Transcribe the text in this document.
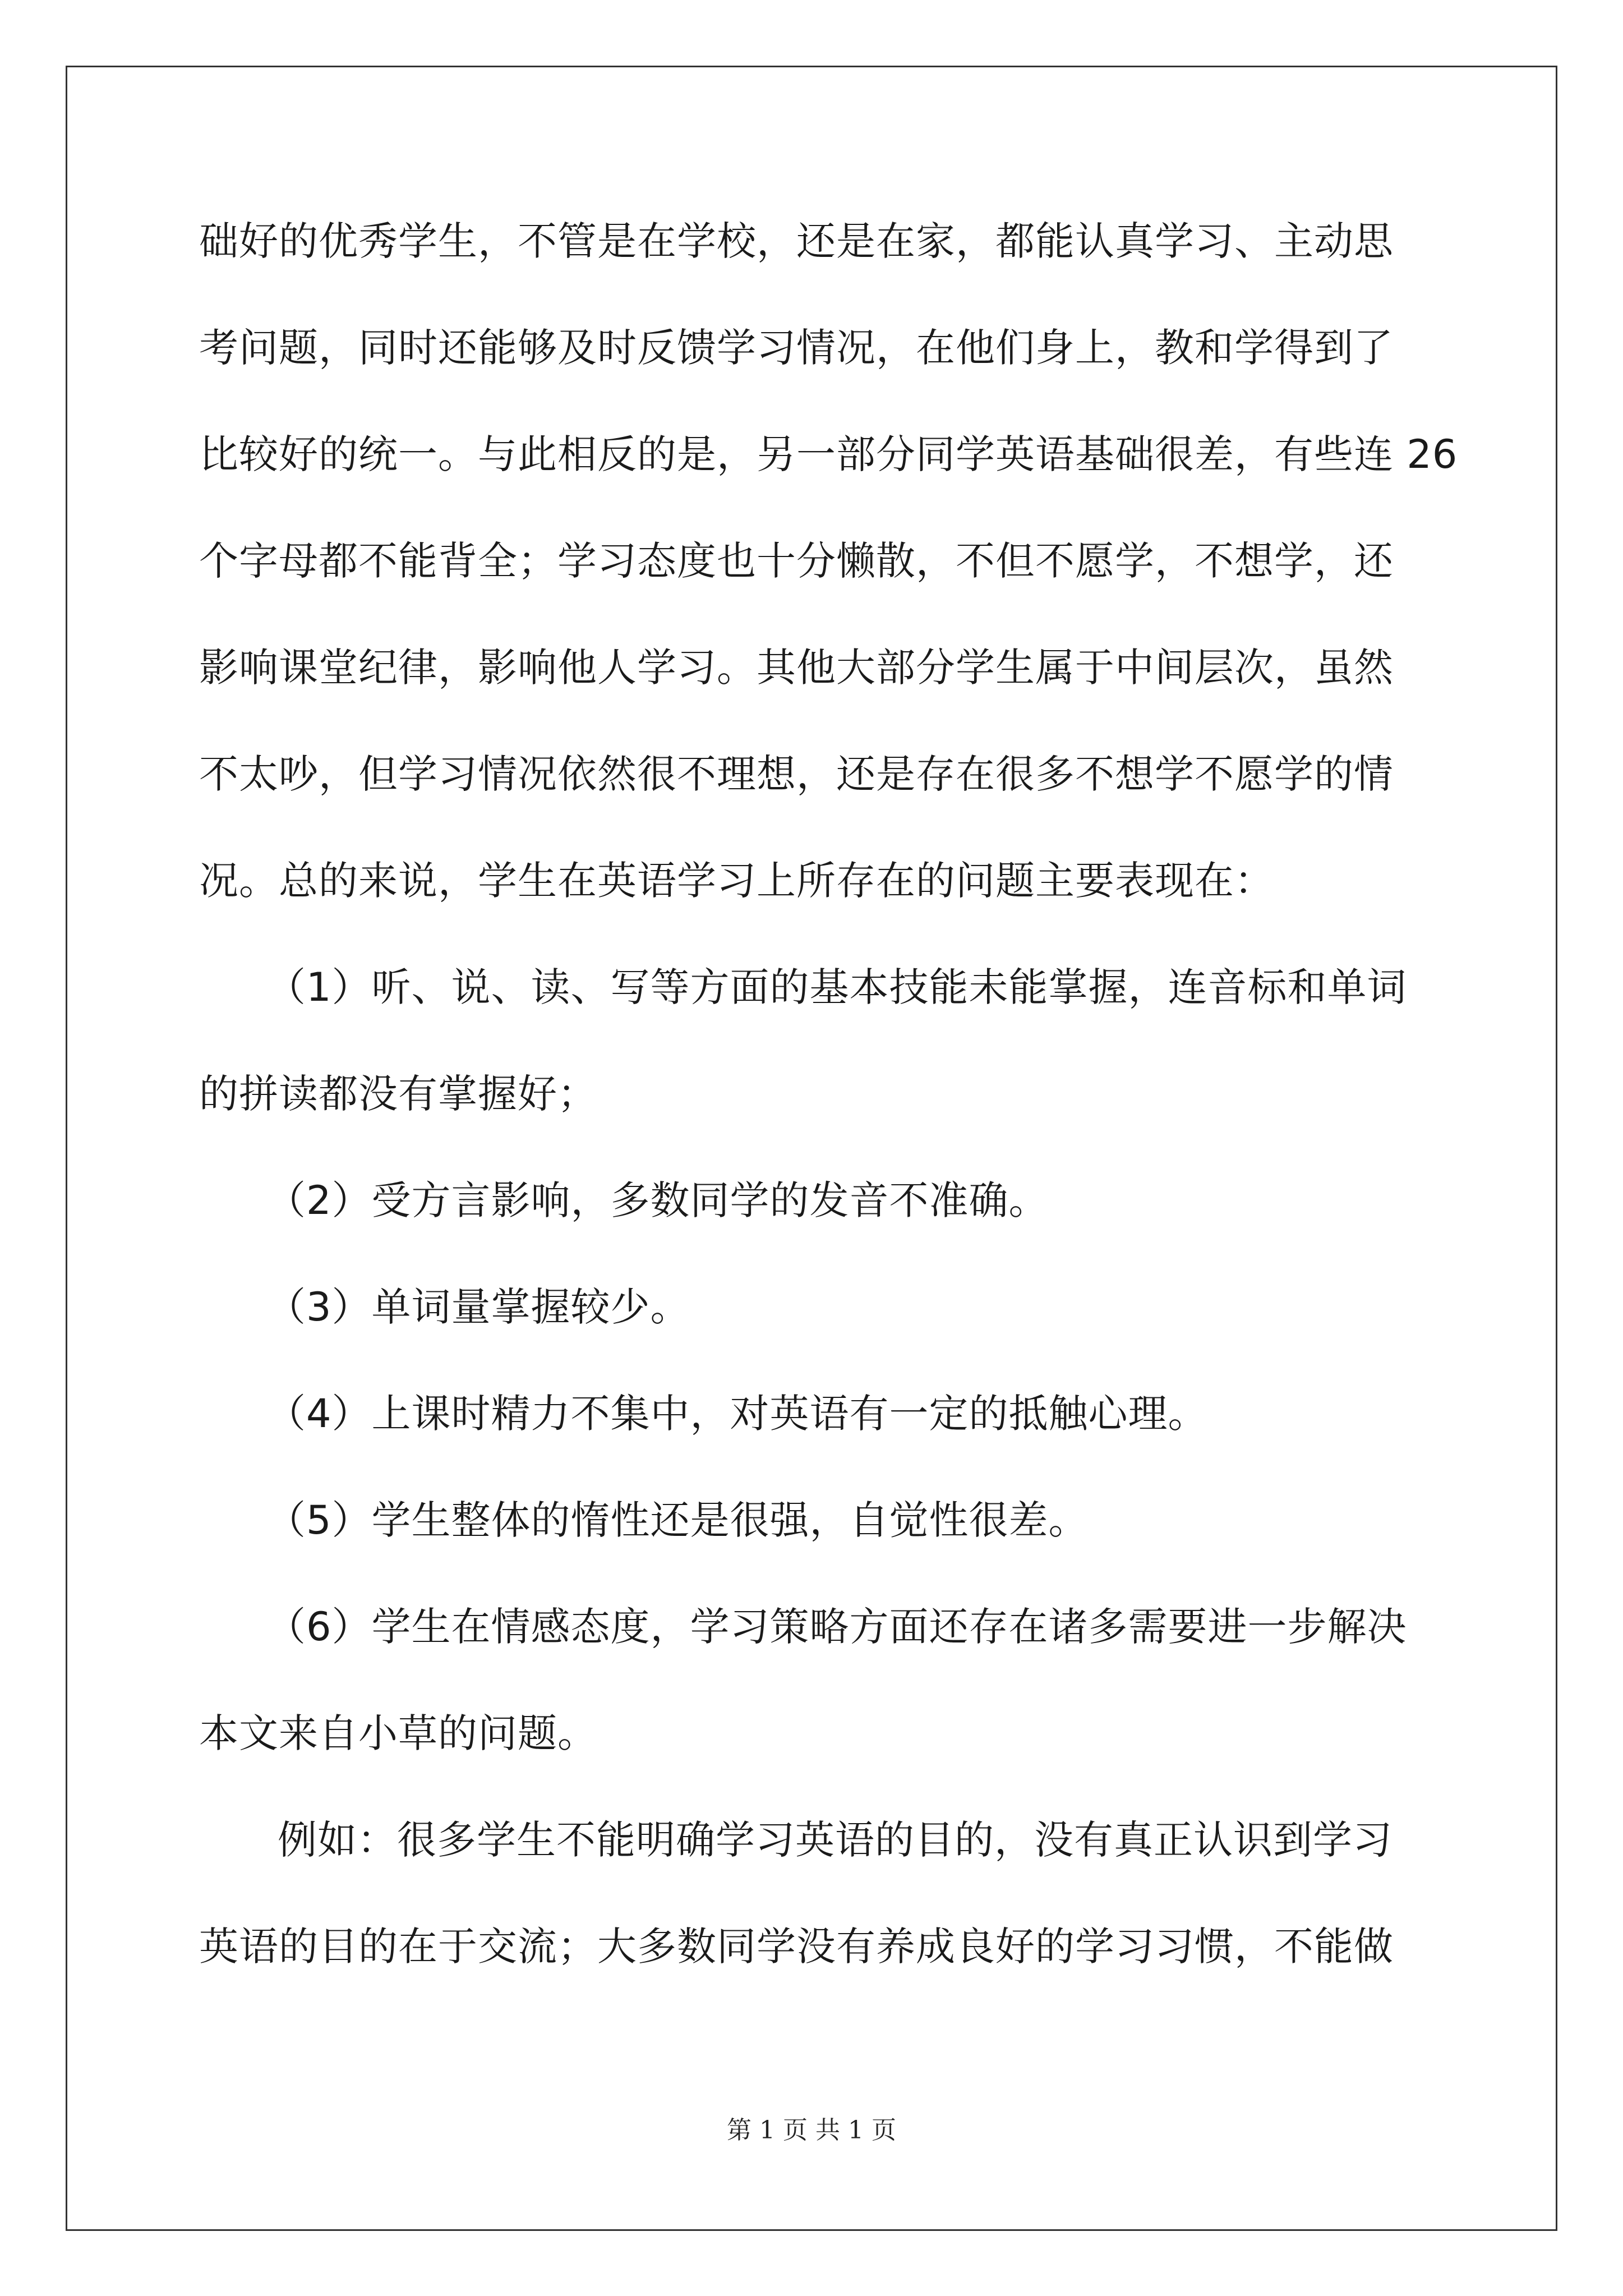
础好的优秀学生，不管是在学校，还是在家，都能认真学习、主动思
考问题，同时还能够及时反馈学习情况，在他们身上，教和学得到了
比较好的统一。与此相反的是，另一部分同学英语基础很差，有些连 26
个字母都不能背全；学习态度也十分懒散，不但不愿学，不想学，还
影响课堂纪律，影响他人学习。其他大部分学生属于中间层次，虽然
不太吵，但学习情况依然很不理想，还是存在很多不想学不愿学的情
况。总的来说，学生在英语学习上所存在的问题主要表现在：
（1）听、说、读、写等方面的基本技能未能掌握，连音标和单词
的拼读都没有掌握好；
（2）受方言影响，多数同学的发音不准确。
（3）单词量掌握较少。
（4）上课时精力不集中，对英语有一定的抵触心理。
（5）学生整体的惰性还是很强，自觉性很差。
（6）学生在情感态度，学习策略方面还存在诸多需要进一步解决
本文来自小草的问题。
例如：很多学生不能明确学习英语的目的，没有真正认识到学习
英语的目的在于交流；大多数同学没有养成良好的学习习惯，不能做
第 1 页 共 1 页
